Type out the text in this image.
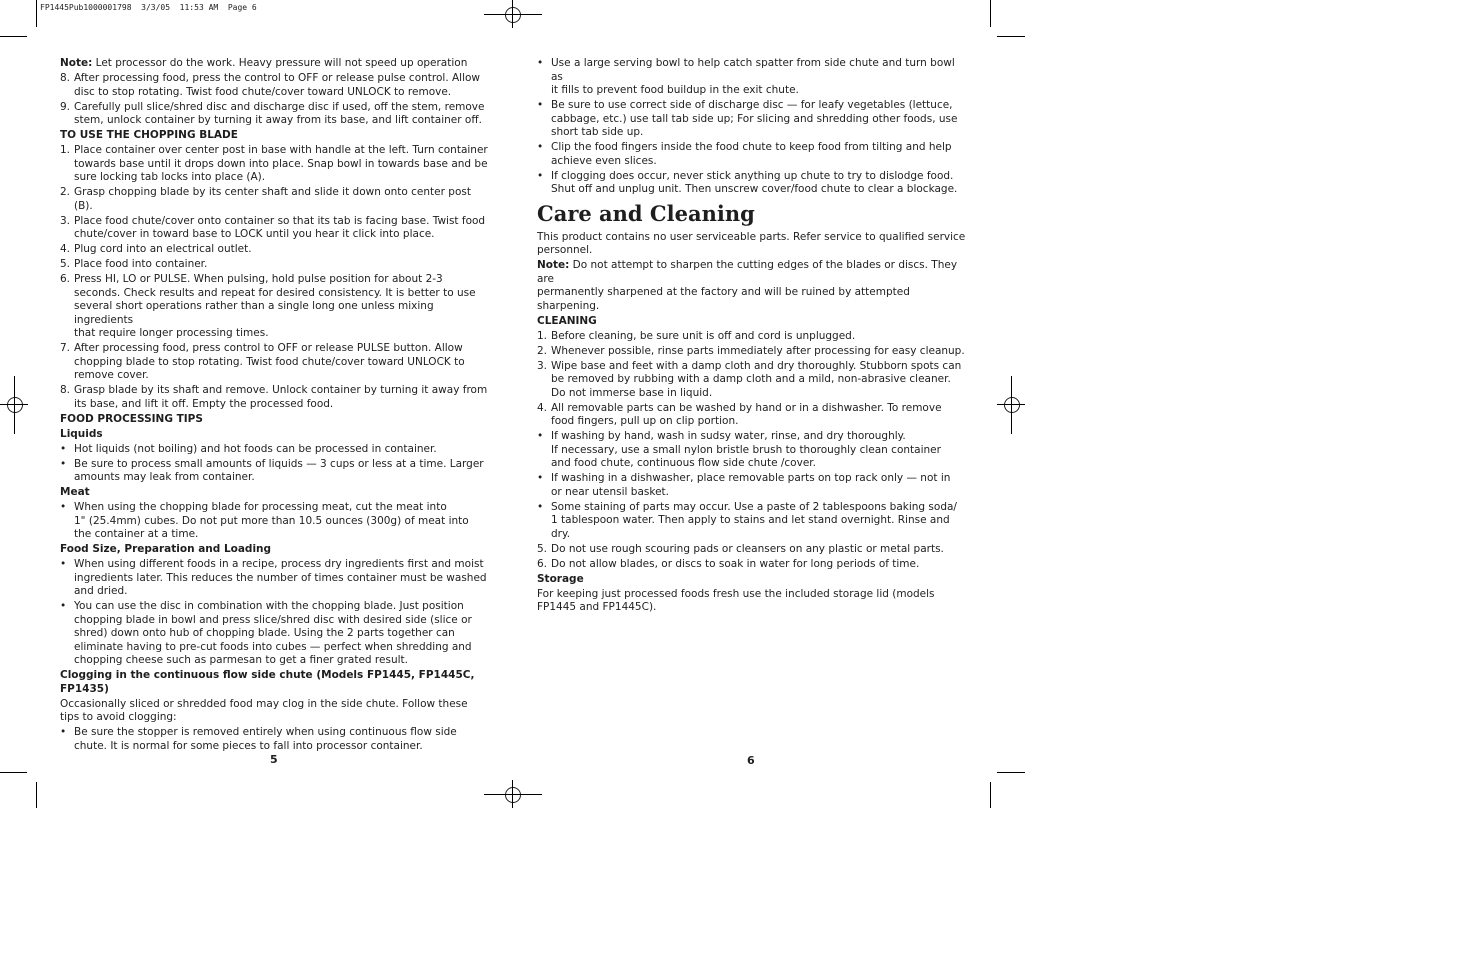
FP1445Pub1000001798  3/3/05  11:53 AM  Page 6

Note: Let processor do the work. Heavy pressure will not speed up operation

8. After processing food, press the control to OFF or release pulse control. Allow
disc to stop rotating. Twist food chute/cover toward UNLOCK to remove.
9. Carefully pull slice/shred disc and discharge disc if used, off the stem, remove
stem, unlock container by turning it away from its base, and lift container off.
TO USE THE CHOPPING BLADE
1. Place container over center post in base with handle at the left. Turn container
towards base until it drops down into place. Snap bowl in towards base and be
sure locking tab locks into place (A).
2. Grasp chopping blade by its center shaft and slide it down onto center post (B).
3. Place food chute/cover onto container so that its tab is facing base. Twist food
chute/cover in toward base to LOCK until you hear it click into place.
4. Plug cord into an electrical outlet.
5. Place food into container.
6. Press HI, LO or PULSE. When pulsing, hold pulse position for about 2-3
seconds. Check results and repeat for desired consistency. It is better to use
several short operations rather than a single long one unless mixing ingredients
that require longer processing times.
7. After processing food, press control to OFF or release PULSE button. Allow
chopping blade to stop rotating. Twist food chute/cover toward UNLOCK to
remove cover.
8. Grasp blade by its shaft and remove. Unlock container by turning it away from
its base, and lift it off. Empty the processed food.
FOOD PROCESSING TIPS
Liquids
• Hot liquids (not boiling) and hot foods can be processed in container.
• Be sure to process small amounts of liquids — 3 cups or less at a time. Larger
amounts may leak from container.
Meat
• When using the chopping blade for processing meat, cut the meat into
1" (25.4mm) cubes. Do not put more than 10.5 ounces (300g) of meat into
the container at a time.
Food Size, Preparation and Loading
• When using different foods in a recipe, process dry ingredients first and moist
ingredients later. This reduces the number of times container must be washed
and dried.
• You can use the disc in combination with the chopping blade. Just position
chopping blade in bowl and press slice/shred disc with desired side (slice or
shred) down onto hub of chopping blade. Using the 2 parts together can
eliminate having to pre-cut foods into cubes — perfect when shredding and
chopping cheese such as parmesan to get a finer grated result.
Clogging in the continuous flow side chute (Models FP1445, FP1445C, FP1435)

Occasionally sliced or shredded food may clog in the side chute. Follow these
tips to avoid clogging:

• Be sure the stopper is removed entirely when using continuous flow side
chute. It is normal for some pieces to fall into processor container.
5
• Use a large serving bowl to help catch spatter from side chute and turn bowl as
it fills to prevent food buildup in the exit chute.
• Be sure to use correct side of discharge disc — for leafy vegetables (lettuce,
cabbage, etc.) use tall tab side up; For slicing and shredding other foods, use
short tab side up.
• Clip the food fingers inside the food chute to keep food from tilting and help
achieve even slices.
• If clogging does occur, never stick anything up chute to try to dislodge food.
Shut off and unplug unit. Then unscrew cover/food chute to clear a blockage.
Care and Cleaning

This product contains no user serviceable parts. Refer service to qualified service
personnel.

Note: Do not attempt to sharpen the cutting edges of the blades or discs. They are
permanently sharpened at the factory and will be ruined by attempted sharpening.

CLEANING
1. Before cleaning, be sure unit is off and cord is unplugged.
2. Whenever possible, rinse parts immediately after processing for easy cleanup.
3. Wipe base and feet with a damp cloth and dry thoroughly. Stubborn spots can
be removed by rubbing with a damp cloth and a mild, non-abrasive cleaner.
Do not immerse base in liquid.
4. All removable parts can be washed by hand or in a dishwasher. To remove
food fingers, pull up on clip portion.
• If washing by hand, wash in sudsy water, rinse, and dry thoroughly.
If necessary, use a small nylon bristle brush to thoroughly clean container
and food chute, continuous flow side chute /cover.
• If washing in a dishwasher, place removable parts on top rack only — not in
or near utensil basket.
• Some staining of parts may occur. Use a paste of 2 tablespoons baking soda/
1 tablespoon water. Then apply to stains and let stand overnight. Rinse and dry.
5. Do not use rough scouring pads or cleansers on any plastic or metal parts.
6. Do not allow blades, or discs to soak in water for long periods of time.
Storage

For keeping just processed foods fresh use the included storage lid (models
FP1445 and FP1445C).

6
